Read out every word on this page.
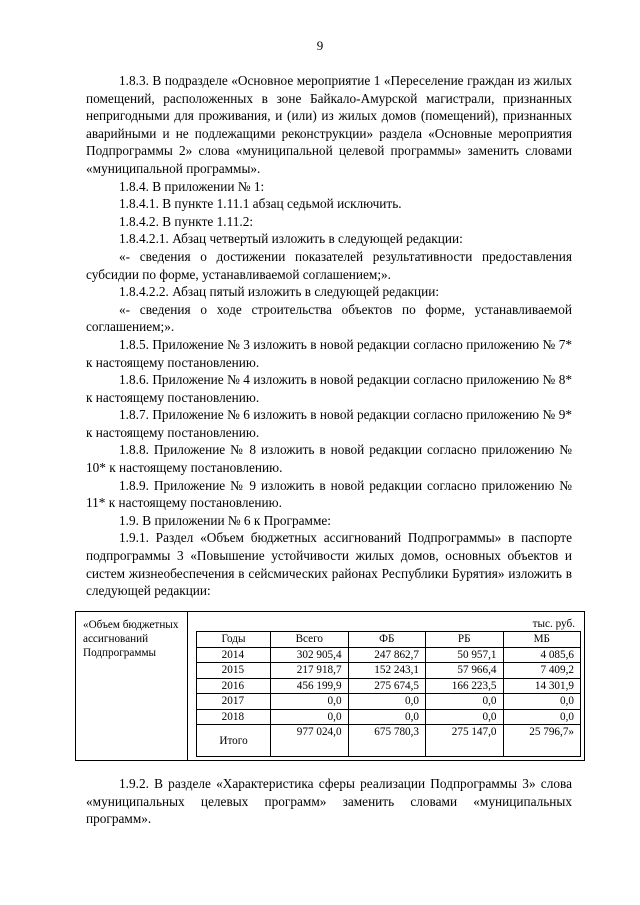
9

1.8.3. В подразделе «Основное мероприятие 1 «Переселение граждан из жилых помещений, расположенных в зоне Байкало-Амурской магистрали, признанных непригодными для проживания, и (или) из жилых домов (помещений), признанных аварийными и не подлежащими реконструкции» раздела «Основные мероприятия Подпрограммы 2» слова «муниципальной целевой программы» заменить словами «муниципальной программы».

1.8.4. В приложении № 1:

1.8.4.1. В пункте 1.11.1 абзац седьмой исключить.

1.8.4.2. В пункте 1.11.2:

1.8.4.2.1. Абзац четвертый изложить в следующей редакции:

«- сведения о достижении показателей результативности предоставления субсидии по форме, устанавливаемой соглашением;».

1.8.4.2.2. Абзац пятый изложить в следующей редакции:

«- сведения о ходе строительства объектов по форме, устанавливаемой соглашением;».

1.8.5. Приложение № 3 изложить в новой редакции согласно приложению № 7* к настоящему постановлению.

1.8.6. Приложение № 4 изложить в новой редакции согласно приложению № 8* к настоящему постановлению.

1.8.7. Приложение № 6 изложить в новой редакции согласно приложению № 9* к настоящему постановлению.

1.8.8. Приложение № 8 изложить в новой редакции согласно приложению № 10* к настоящему постановлению.

1.8.9. Приложение № 9 изложить в новой редакции согласно приложению № 11* к настоящему постановлению.

1.9. В приложении № 6 к Программе:

1.9.1. Раздел «Объем бюджетных ассигнований Подпрограммы» в паспорте подпрограммы 3 «Повышение устойчивости жилых домов, основных объектов и систем жизнеобеспечения в сейсмических районах Республики Бурятия» изложить в следующей редакции:

«Объем бюджетных ассигнований Подпрограммы
тыс. руб.
Годы	Всего	ФБ	РБ	МБ
2014	302 905,4	247 862,7	50 957,1	4 085,6
2015	217 918,7	152 243,1	57 966,4	7 409,2
2016	456 199,9	275 674,5	166 223,5	14 301,9
2017	0,0	0,0	0,0	0,0
2018	0,0	0,0	0,0	0,0
Итого	977 024,0	675 780,3	275 147,0	25 796,7»

1.9.2. В разделе «Характеристика сферы реализации Подпрограммы 3» слова «муниципальных целевых программ» заменить словами «муниципальных программ».
